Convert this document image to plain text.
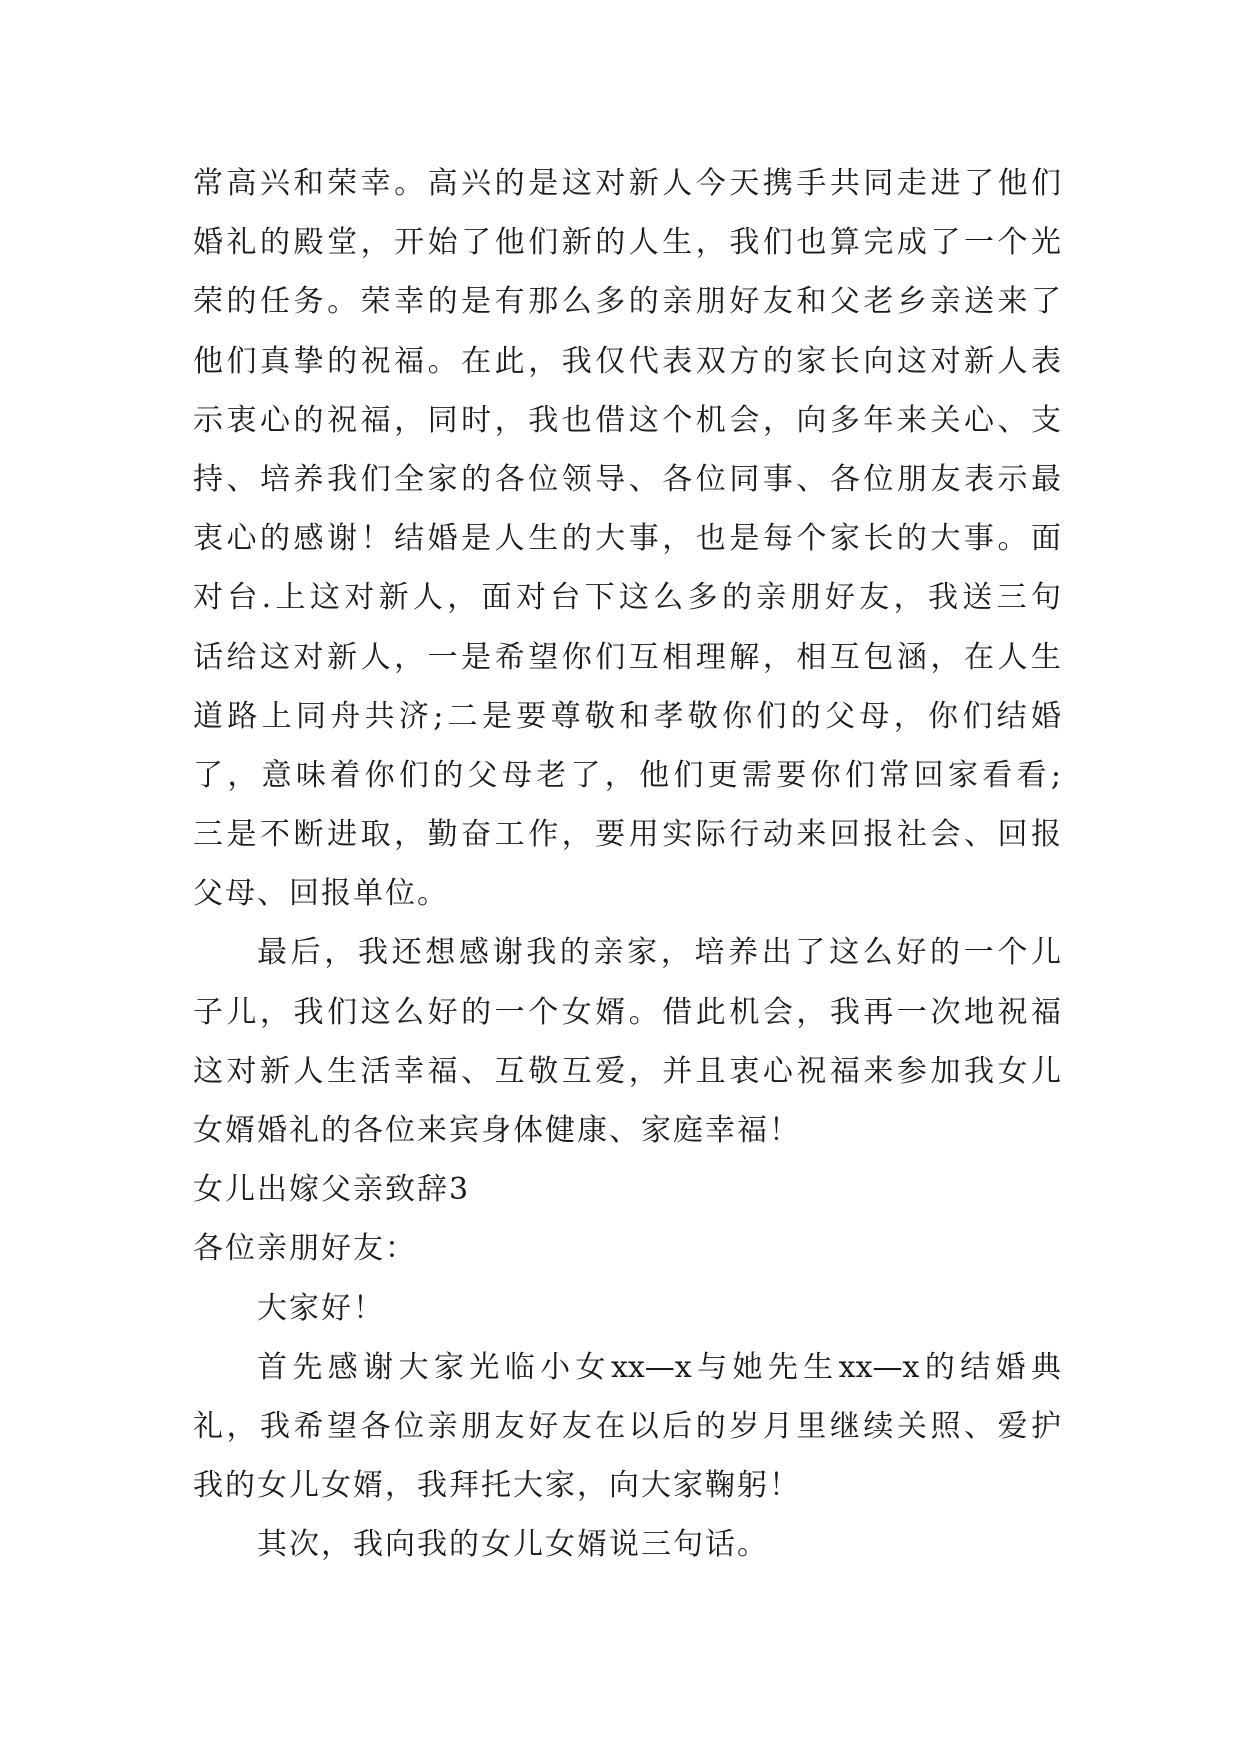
常高兴和荣幸。高兴的是这对新人今天携手共同走进了他们
婚礼的殿堂，开始了他们新的人生，我们也算完成了一个光
荣的任务。荣幸的是有那么多的亲朋好友和父老乡亲送来了
他们真挚的祝福。在此，我仅代表双方的家长向这对新人表
示衷心的祝福，同时，我也借这个机会，向多年来关心、支
持、培养我们全家的各位领导、各位同事、各位朋友表示最
衷心的感谢！结婚是人生的大事，也是每个家长的大事。面
对台.上这对新人，面对台下这么多的亲朋好友，我送三句
话给这对新人，一是希望你们互相理解，相互包涵，在人生
道路上同舟共济;二是要尊敬和孝敬你们的父母，你们结婚
了，意味着你们的父母老了，他们更需要你们常回家看看;
三是不断进取，勤奋工作，要用实际行动来回报社会、回报
父母、回报单位。
最后，我还想感谢我的亲家，培养出了这么好的一个儿
子儿，我们这么好的一个女婿。借此机会，我再一次地祝福
这对新人生活幸福、互敬互爱，并且衷心祝福来参加我女儿
女婿婚礼的各位来宾身体健康、家庭幸福！
女儿出嫁父亲致辞3
各位亲朋好友：
大家好！
首先感谢大家光临小女xx—x与她先生xx—x的结婚典
礼，我希望各位亲朋友好友在以后的岁月里继续关照、爱护
我的女儿女婿，我拜托大家，向大家鞠躬！
其次，我向我的女儿女婿说三句话。
